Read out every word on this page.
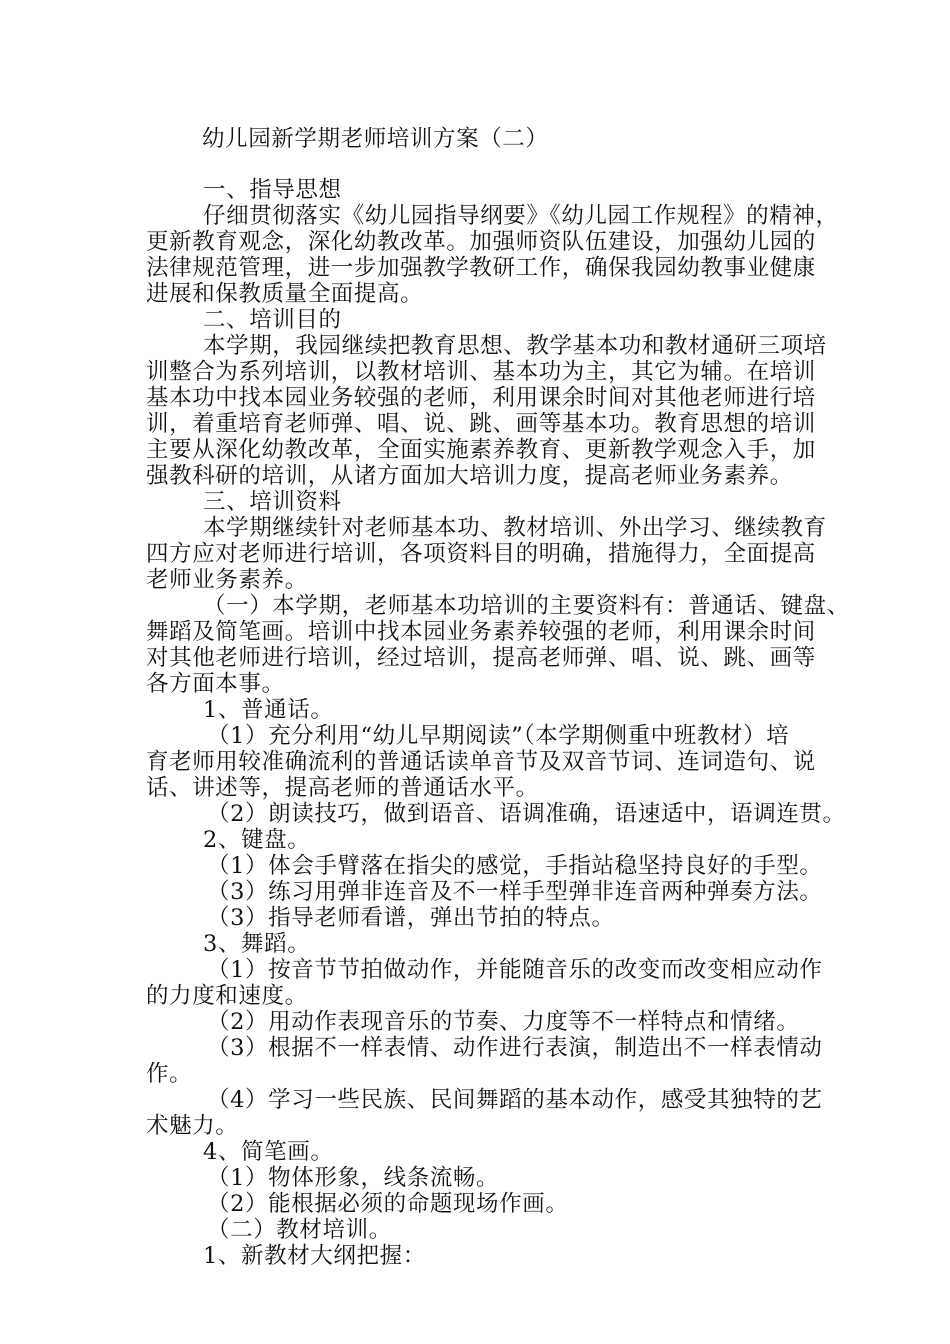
幼儿园新学期老师培训方案（二）
一、指导思想
仔细贯彻落实《幼儿园指导纲要》《幼儿园工作规程》的精神，
更新教育观念，深化幼教改革。加强师资队伍建设，加强幼儿园的
法律规范管理，进一步加强教学教研工作，确保我园幼教事业健康
进展和保教质量全面提高。
二、培训目的
本学期，我园继续把教育思想、教学基本功和教材通研三项培
训整合为系列培训，以教材培训、基本功为主，其它为辅。在培训
基本功中找本园业务较强的老师，利用课余时间对其他老师进行培
训，着重培育老师弹、唱、说、跳、画等基本功。教育思想的培训
主要从深化幼教改革，全面实施素养教育、更新教学观念入手，加
强教科研的培训，从诸方面加大培训力度，提高老师业务素养。
三、培训资料
本学期继续针对老师基本功、教材培训、外出学习、继续教育
四方应对老师进行培训，各项资料目的明确，措施得力，全面提高
老师业务素养。
（一）本学期，老师基本功培训的主要资料有：普通话、键盘、
舞蹈及简笔画。培训中找本园业务素养较强的老师，利用课余时间
对其他老师进行培训，经过培训，提高老师弹、唱、说、跳、画等
各方面本事。
1、普通话。
（1）充分利用“幼儿早期阅读”（本学期侧重中班教材）培
育老师用较准确流利的普通话读单音节及双音节词、连词造句、说
话、讲述等，提高老师的普通话水平。
（2）朗读技巧，做到语音、语调准确，语速适中，语调连贯。
2、键盘。
（1）体会手臂落在指尖的感觉，手指站稳坚持良好的手型。
（3）练习用弹非连音及不一样手型弹非连音两种弹奏方法。
（3）指导老师看谱，弹出节拍的特点。
3、舞蹈。
（1）按音节节拍做动作，并能随音乐的改变而改变相应动作
的力度和速度。
（2）用动作表现音乐的节奏、力度等不一样特点和情绪。
（3）根据不一样表情、动作进行表演，制造出不一样表情动
作。
（4）学习一些民族、民间舞蹈的基本动作，感受其独特的艺
术魅力。
4、简笔画。
（1）物体形象，线条流畅。
（2）能根据必须的命题现场作画。
（二）教材培训。
1、新教材大纲把握：
